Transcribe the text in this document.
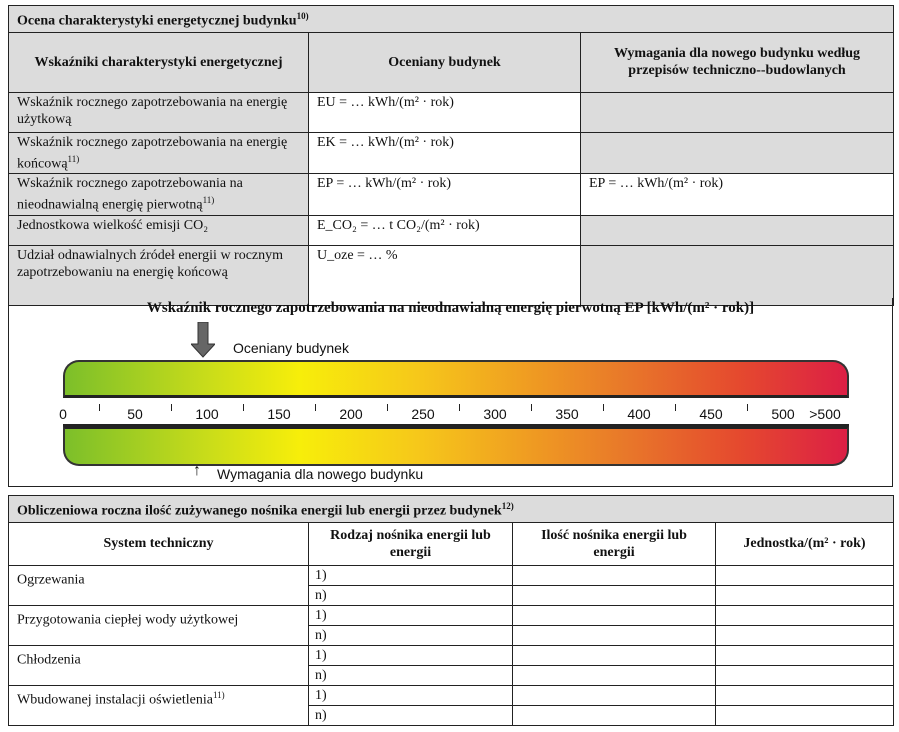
Ocena charakterystyki energetycznej budynku$^{10)}$
Wskaźniki charakterystyki energetycznej	Oceniany budynek	Wymagania dla nowego budynku według przepisów techniczno--budowlanych
Wskaźnik rocznego zapotrzebowania na energię użytkową	EU = … kWh/(m² · rok)	
Wskaźnik rocznego zapotrzebowania na energię końcową$^{11)}$	EK = … kWh/(m² · rok)	
Wskaźnik rocznego zapotrzebowania na nieodnawialną energię pierwotną$^{11)}$	EP = … kWh/(m² · rok)	EP = … kWh/(m² · rok)
Jednostkowa wielkość emisji CO₂	E_CO₂ = … t CO₂/(m² · rok)	
Udział odnawialnych źródeł energii w rocznym zapotrzebowaniu na energię końcową	U_oze = … %	
Wskaźnik rocznego zapotrzebowania na nieodnawialną energię pierwotną EP [kWh/(m² · rok)]
Oceniany budynek
↑ Wymagania dla nowego budynku
0	50	100	150	200	250	300	350	400	450	500 >500
Obliczeniowa roczna ilość zużywanego nośnika energii lub energii przez budynek$^{12)}$
System techniczny	Rodzaj nośnika energii lub energii	Ilość nośnika energii lub energii	Jednostka/(m² · rok)
Ogrzewania	1)		
	n)		
Przygotowania ciepłej wody użytkowej	1)		
	n)		
Chłodzenia	1)		
	n)		
Wbudowanej instalacji oświetlenia$^{11)}$	1)		
	n)		
